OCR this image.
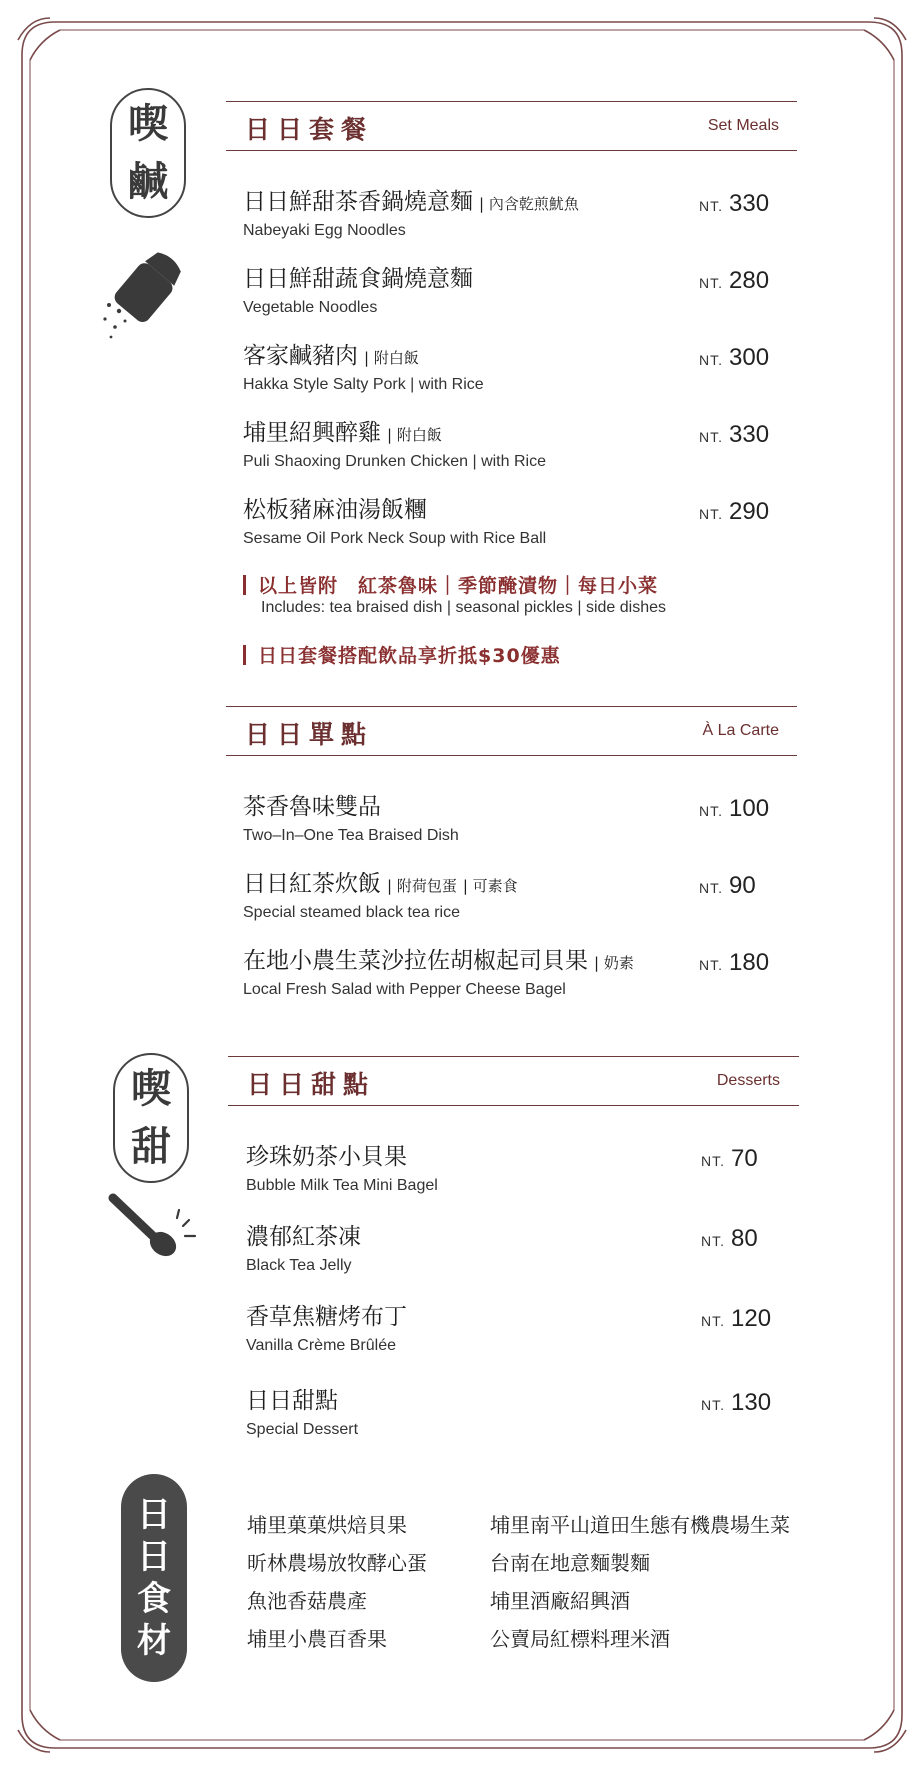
喫
鹹
喫
甜
日
日
食
材
日日套餐	Set Meals
日日鮮甜茶香鍋燒意麵 | 內含乾煎魷魚
Nabeyaki Egg Noodles
NT. 330
日日鮮甜蔬食鍋燒意麵
Vegetable Noodles
NT. 280
客家鹹豬肉 | 附白飯
Hakka Style Salty Pork | with Rice
NT. 300
埔里紹興醉雞 | 附白飯
Puli Shaoxing Drunken Chicken | with Rice
NT. 330
松板豬麻油湯飯糰
Sesame Oil Pork Neck Soup with Rice Ball
NT. 290
以上皆附　紅茶魯味｜季節醃漬物｜每日小菜
Includes: tea braised dish | seasonal pickles | side dishes
日日套餐搭配飲品享折抵$30優惠
日日單點	À La Carte
茶香魯味雙品
Two–In–One Tea Braised Dish
NT. 100
日日紅茶炊飯 | 附荷包蛋 | 可素食
Special steamed black tea rice
NT. 90
在地小農生菜沙拉佐胡椒起司貝果 | 奶素
Local Fresh Salad with Pepper Cheese Bagel
NT. 180
日日甜點	Desserts
珍珠奶茶小貝果
Bubble Milk Tea Mini Bagel
NT. 70
濃郁紅茶凍
Black Tea Jelly
NT. 80
香草焦糖烤布丁
Vanilla Crème Brûlée
NT. 120
日日甜點
Special Dessert
NT. 130
埔里菓菓烘焙貝果
昕林農場放牧酵心蛋
魚池香菇農產
埔里小農百香果
埔里南平山道田生態有機農場生菜
台南在地意麵製麵
埔里酒廠紹興酒
公賣局紅標料理米酒
